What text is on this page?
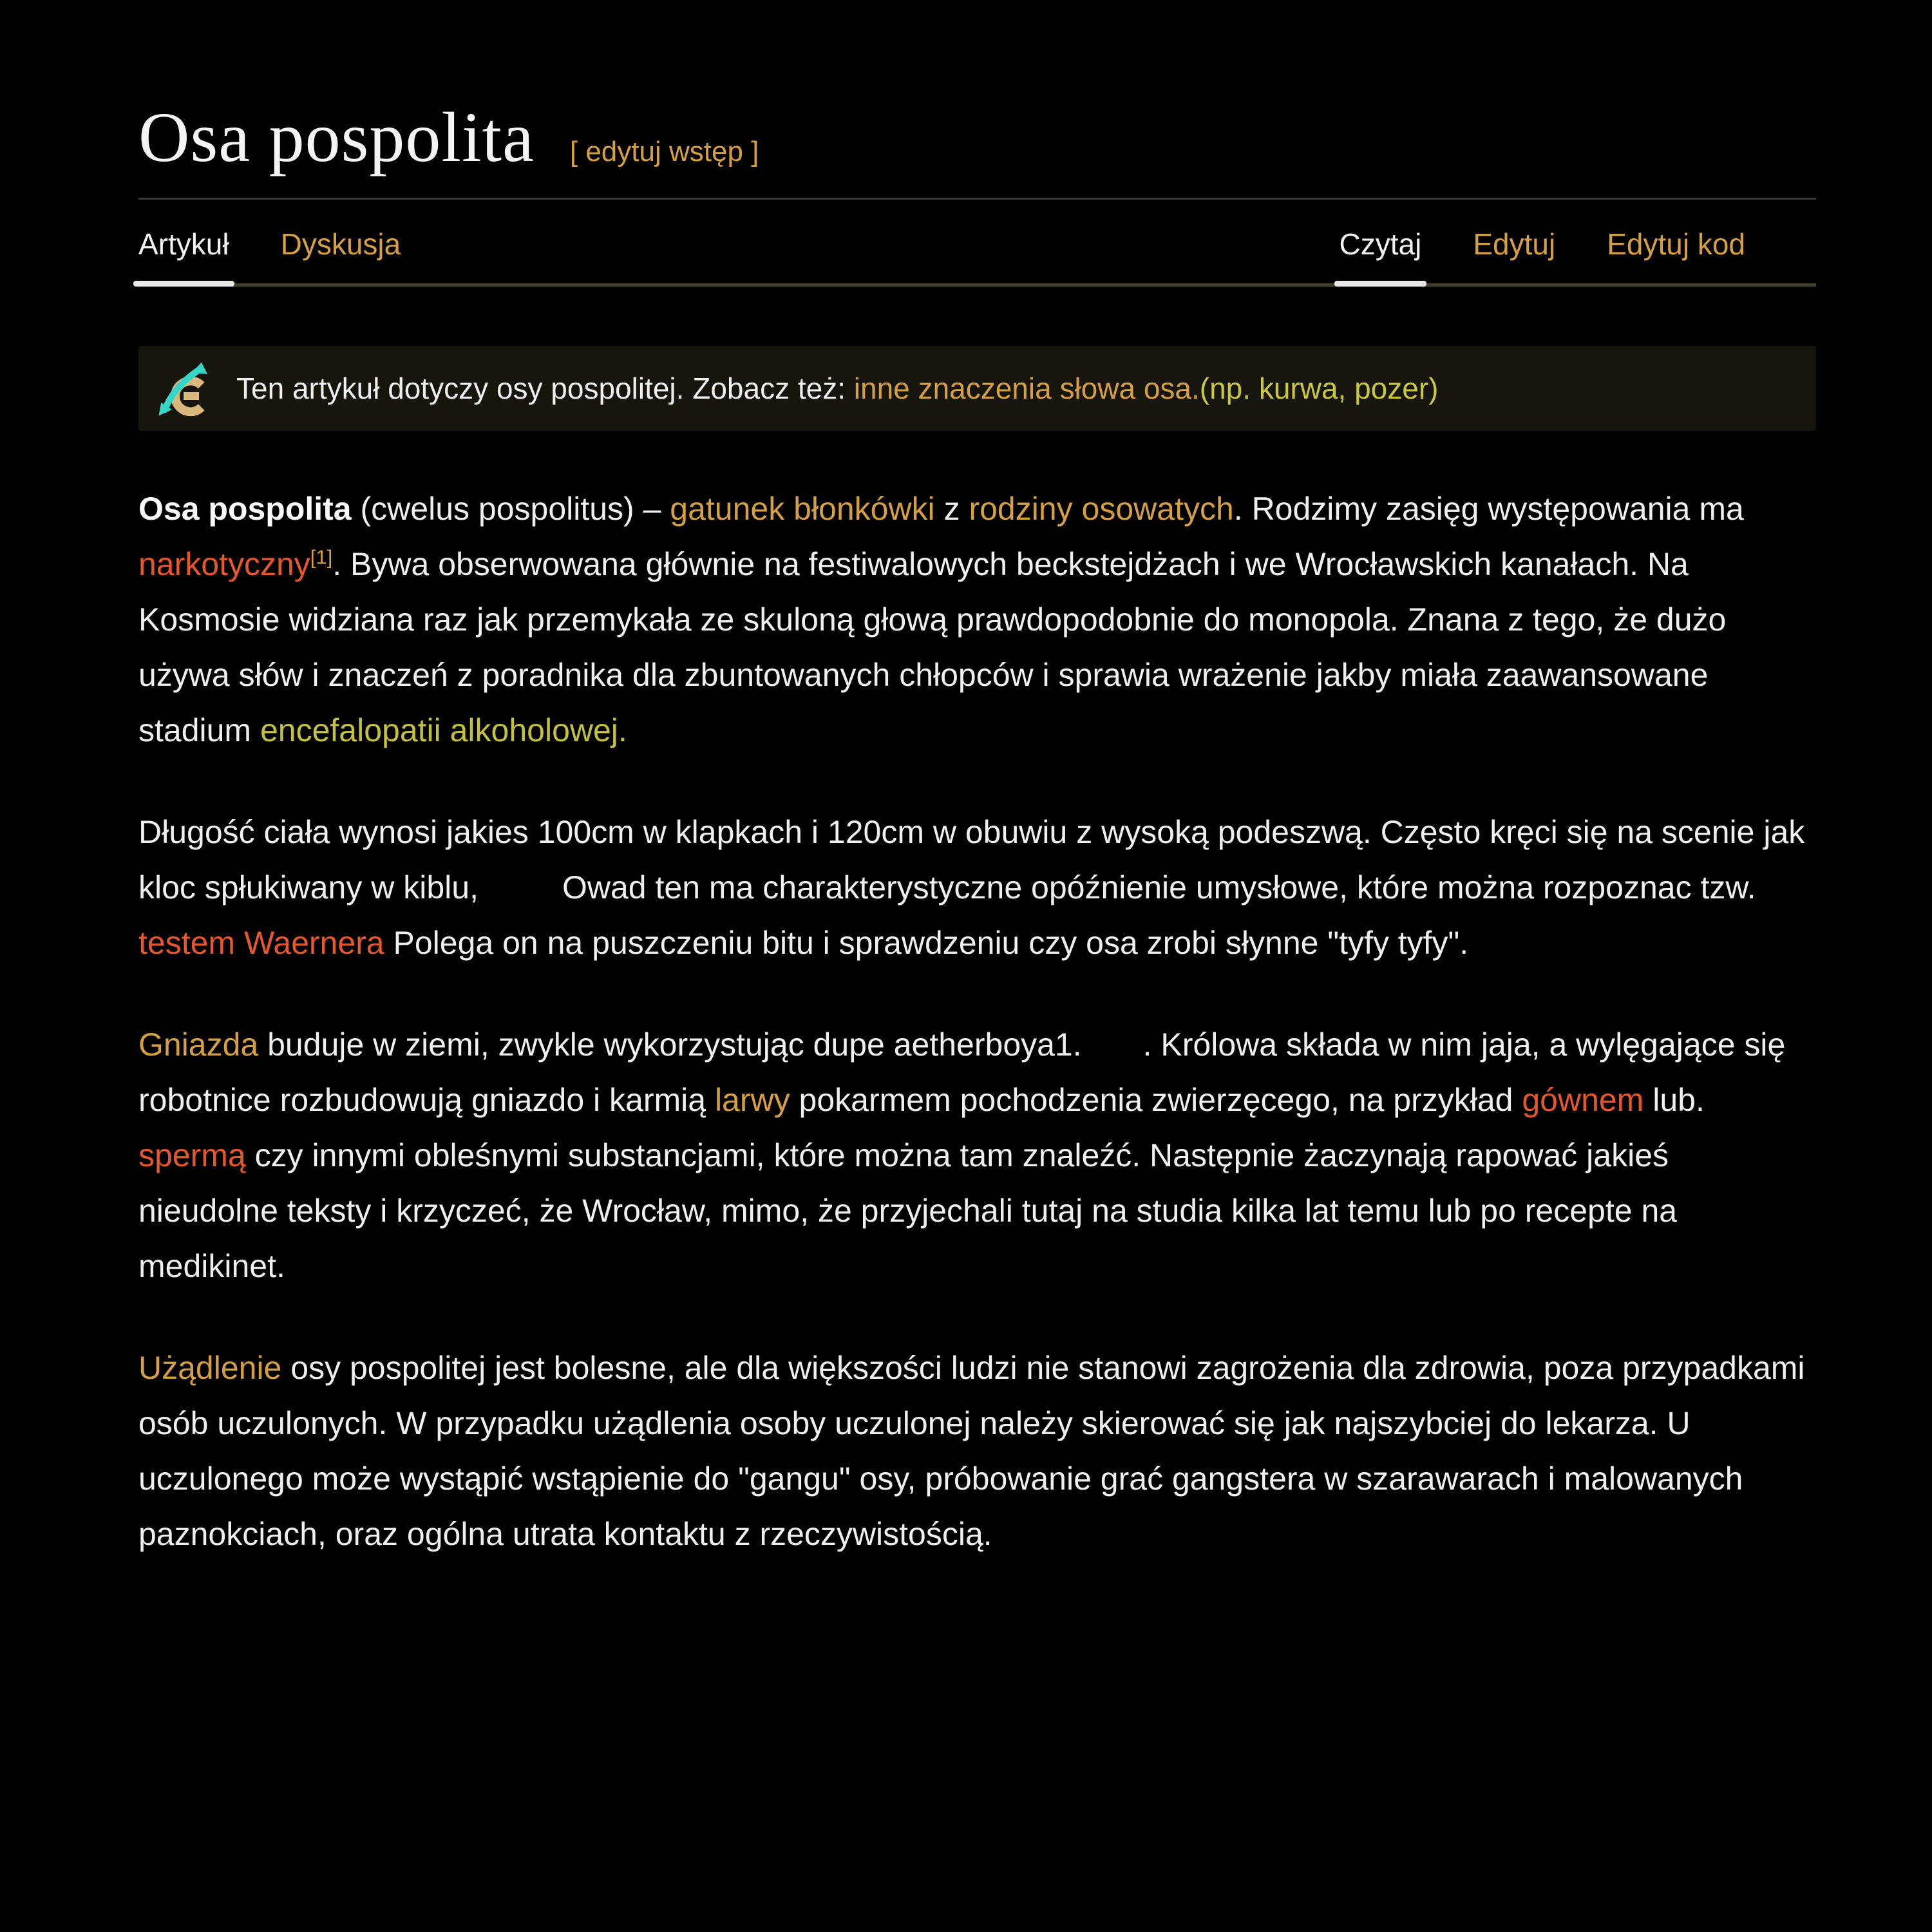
Osa pospolita [ edytuj wstęp ]
Artykuł Dyskusja	Czytaj Edytuj Edytuj kod
Ten artykuł dotyczy osy pospolitej. Zobacz też: inne znaczenia słowa osa.(np. kurwa, pozer)

Osa pospolita (cwelus pospolitus) – gatunek błonkówki z rodziny osowatych. Rodzimy zasięg występowania ma narkotyczny[1]. Bywa obserwowana głównie na festiwalowych beckstejdżach i we Wrocławskich kanałach. Na Kosmosie widziana raz jak przemykała ze skuloną głową prawdopodobnie do monopola. Znana z tego, że dużo używa słów i znaczeń z poradnika dla zbuntowanych chłopców i sprawia wrażenie jakby miała zaawansowane stadium encefalopatii alkoholowej.

Długość ciała wynosi jakies 100cm w klapkach i 120cm w obuwiu z wysoką podeszwą. Często kręci się na scenie jak kloc spłukiwany w kiblu,	Owad ten ma charakterystyczne opóźnienie umysłowe, które można rozpoznac tzw. testem Waernera Polega on na puszczeniu bitu i sprawdzeniu czy osa zrobi słynne "tyfy tyfy".

Gniazda buduje w ziemi, zwykle wykorzystując dupe aetherboya1. . Królowa składa w nim jaja, a wylęgające się robotnice rozbudowują gniazdo i karmią larwy pokarmem pochodzenia zwierzęcego, na przykład gównem lub. spermą czy innymi obleśnymi substancjami, które można tam znaleźć. Następnie żaczynają rapować jakieś nieudolne teksty i krzyczeć, że Wrocław, mimo, że przyjechali tutaj na studia kilka lat temu lub po recepte na medikinet.

Użądlenie osy pospolitej jest bolesne, ale dla większości ludzi nie stanowi zagrożenia dla zdrowia, poza przypadkami osób uczulonych. W przypadku użądlenia osoby uczulonej należy skierować się jak najszybciej do lekarza. U uczulonego może wystąpić wstąpienie do "gangu" osy, próbowanie grać gangstera w szarawarach i malowanych paznokciach, oraz ogólna utrata kontaktu z rzeczywistością.
